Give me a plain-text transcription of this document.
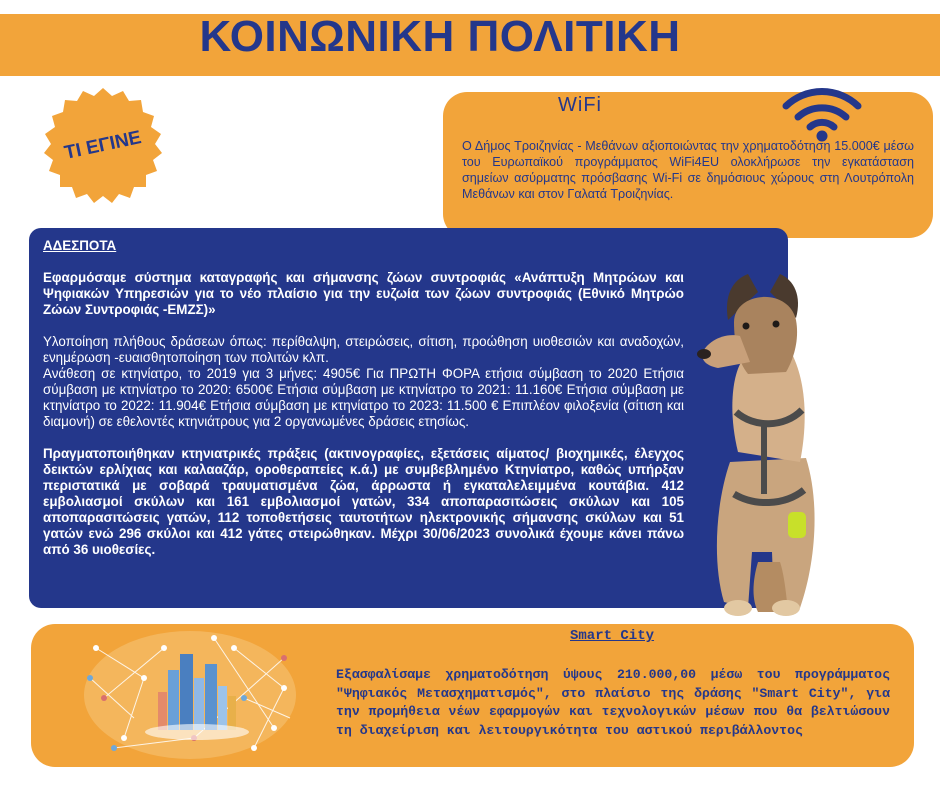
ΚΟΙΝΩΝΙΚΗ ΠΟΛΙΤΙΚΗ
ΤΙ ΕΓΙΝΕ
WiFi
Ο Δήμος Τροιζηνίας - Μεθάνων αξιοποιώντας την χρηματοδότηση 15.000€ μέσω του Ευρωπαϊκού προγράμματος WiFi4EU ολοκλήρωσε την εγκατάσταση σημείων ασύρματης πρόσβασης Wi-Fi σε δημόσιους χώρους στη Λουτρόπολη Μεθάνων και στον Γαλατά Τροιζηνίας.

ΑΔΕΣΠΟΤΑ

Εφαρμόσαμε σύστημα καταγραφής και σήμανσης ζώων συντροφιάς «Ανάπτυξη Μητρώων και Ψηφιακών Υπηρεσιών για το νέο πλαίσιο για την ευζωία των ζώων συντροφιάς (Εθνικό Μητρώο Ζώων Συντροφιάς -ΕΜΖΣ)»

Υλοποίηση πλήθους δράσεων όπως: περίθαλψη, στειρώσεις, σίτιση, προώθηση υιοθεσιών και αναδοχών, ενημέρωση -ευαισθητοποίηση των πολιτών κλπ.

Ανάθεση σε κτηνίατρο, το 2019 για 3 μήνες: 4905€ Για ΠΡΩΤΗ ΦΟΡΑ ετήσια σύμβαση το 2020 Ετήσια σύμβαση με κτηνίατρο το 2020: 6500€ Ετήσια σύμβαση με κτηνίατρο το 2021: 11.160€ Ετήσια σύμβαση με κτηνίατρο το 2022: 11.904€ Ετήσια σύμβαση με κτηνίατρο το 2023: 11.500 € Επιπλέον φιλοξενία (σίτιση και διαμονή) σε εθελοντές κτηνιάτρους για 2 οργανωμένες δράσεις ετησίως.

Πραγματοποιήθηκαν κτηνιατρικές πράξεις (ακτινογραφίες, εξετάσεις αίματος/ βιοχημικές, έλεγχος δεικτών ερλίχιας και καλααζάρ, οροθεραπείες κ.ά.) με συμβεβλημένο Κτηνίατρο, καθώς υπήρξαν περιστατικά με σοβαρά τραυματισμένα ζώα, άρρωστα ή εγκαταλελειμμένα κουτάβια. 412 εμβολιασμοί σκύλων και 161 εμβολιασμοί γατών, 334 αποπαρασιτώσεις σκύλων και 105 αποπαρασιτώσεις γατών, 112 τοποθετήσεις ταυτοτήτων ηλεκτρονικής σήμανσης σκύλων και 51 γατών ενώ 296 σκύλοι και 412 γάτες στειρώθηκαν. Μέχρι 30/06/2023 συνολικά έχουμε κάνει πάνω από 36 υιοθεσίες.

Smart City
Εξασφαλίσαμε χρηματοδότηση ύψους 210.000,00 μέσω του προγράμματος "Ψηφιακός Μετασχηματισμός", στο πλαίσιο της δράσης "Smart City", για την προμήθεια νέων εφαρμογών και τεχνολογικών μέσων που θα βελτιώσουν τη διαχείριση και λειτουργικότητα του αστικού περιβάλλοντος
